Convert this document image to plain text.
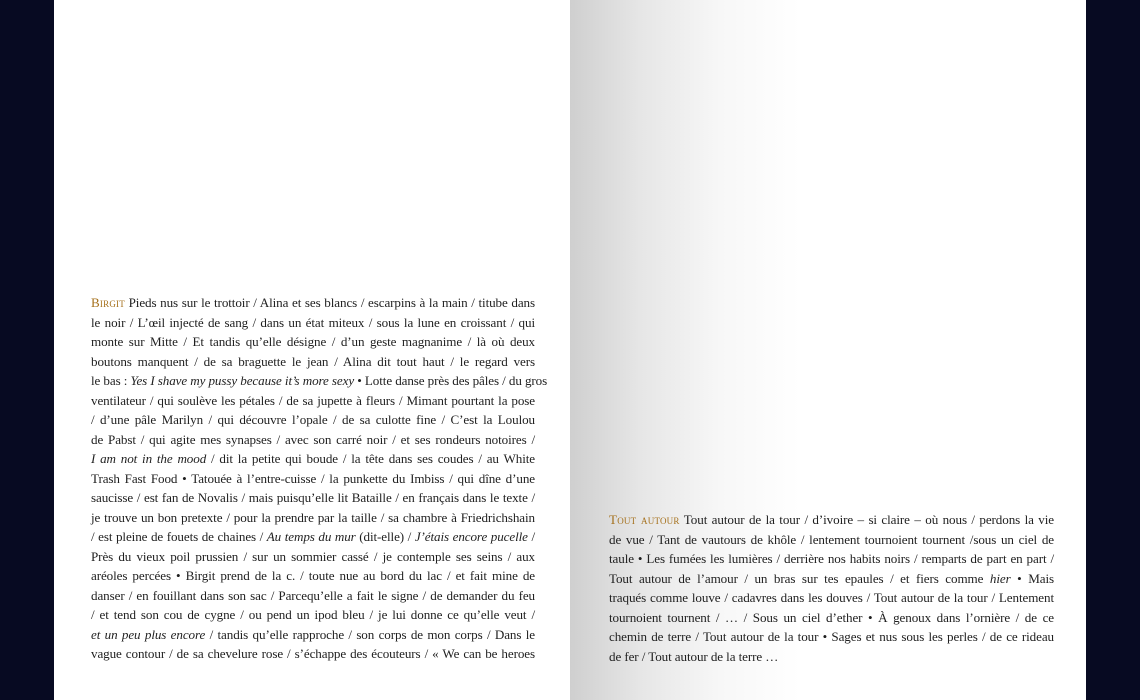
Birgit Pieds nus sur le trottoir / Alina et ses blancs / escarpins à la main / titube dans
le noir / L’œil injecté de sang / dans un état miteux / sous la lune en croissant / qui
monte sur Mitte / Et tandis qu’elle désigne / d’un geste magnanime / là où deux
boutons manquent / de sa braguette le jean / Alina dit tout haut / le regard vers
le bas : Yes I shave my pussy because it’s more sexy • Lotte danse près des pâles / du gros
ventilateur / qui soulève les pétales / de sa jupette à fleurs / Mimant pourtant la pose
/ d’une pâle Marilyn / qui découvre l’opale / de sa culotte fine / C’est la Loulou
de Pabst / qui agite mes synapses / avec son carré noir / et ses rondeurs notoires /
I am not in the mood / dit la petite qui boude / la tête dans ses coudes / au White
Trash Fast Food • Tatouée à l’entre-cuisse / la punkette du Imbiss / qui dîne d’une
saucisse / est fan de Novalis / mais puisqu’elle lit Bataille / en français dans le texte /
je trouve un bon pretexte / pour la prendre par la taille / sa chambre à Friedrichshain
/ est pleine de fouets de chaines / Au temps du mur (dit-elle) / J’étais encore pucelle /
Près du vieux poil prussien / sur un sommier cassé / je contemple ses seins / aux
aréoles percées • Birgit prend de la c. / toute nue au bord du lac / et fait mine de
danser / en fouillant dans son sac / Parcequ’elle a fait le signe / de demander du feu
/ et tend son cou de cygne / ou pend un ipod bleu / je lui donne ce qu’elle veut /
et un peu plus encore / tandis qu’elle rapproche / son corps de mon corps / Dans le
vague contour / de sa chevelure rose / s’échappe des écouteurs / « We can be heroes
Tout autour Tout autour de la tour / d’ivoire – si claire – où nous / perdons la vie
de vue / Tant de vautours de khôle / lentement tournoient tournent /sous un ciel de
taule • Les fumées les lumières / derrière nos habits noirs / remparts de part en part /
Tout autour de l’amour / un bras sur tes epaules / et fiers comme hier • Mais
traqués comme louve / cadavres dans les douves / Tout autour de la tour / Lentement
tournoient tournent / … / Sous un ciel d’ether • À genoux dans l’ornière / de ce
chemin de terre / Tout autour de la tour • Sages et nus sous les perles / de ce rideau
de fer / Tout autour de la terre …
